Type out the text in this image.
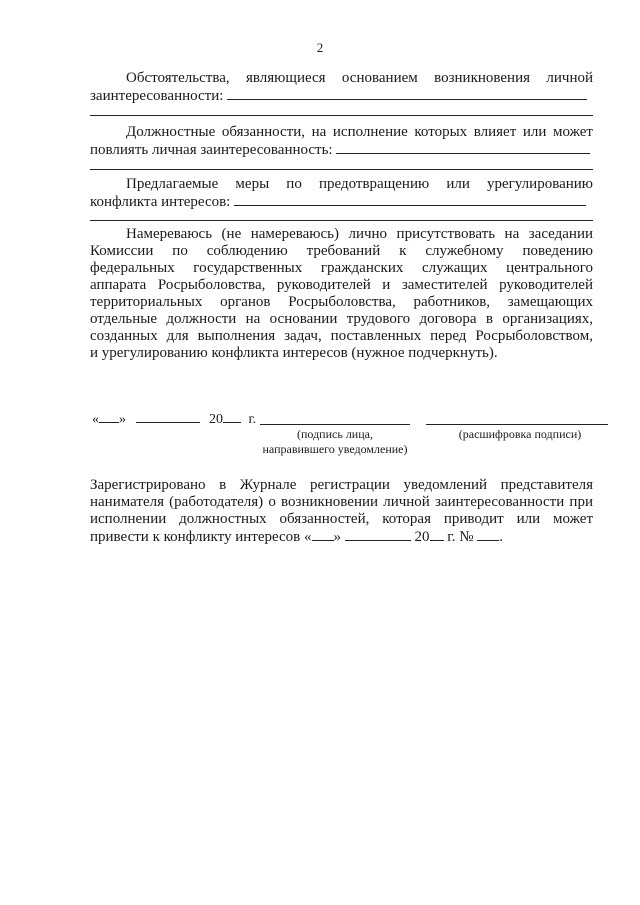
2
Обстоятельства, являющиеся основанием возникновения личной
заинтересованности:
Должностные обязанности, на исполнение которых влияет или может
повлиять личная заинтересованность:
Предлагаемые меры по предотвращению или урегулированию
конфликта интересов:
Намереваюсь (не намереваюсь) лично присутствовать на заседании
Комиссии по соблюдению требований к служебному поведению
федеральных государственных гражданских служащих центрального
аппарата Росрыболовства, руководителей и заместителей руководителей
территориальных органов Росрыболовства, работников, замещающих
отдельные должности на основании трудового договора в организациях,
созданных для выполнения задач, поставленных перед Росрыболовством,
и урегулированию конфликта интересов (нужное подчеркнуть).
« »	20 г.
(подпись лица,
направившего уведомление)
(расшифровка подписи)
Зарегистрировано в Журнале регистрации уведомлений представителя
нанимателя (работодателя) о возникновении личной заинтересованности при
исполнении должностных обязанностей, которая приводит или может
привести к конфликту интересов « »	20 г. № .
